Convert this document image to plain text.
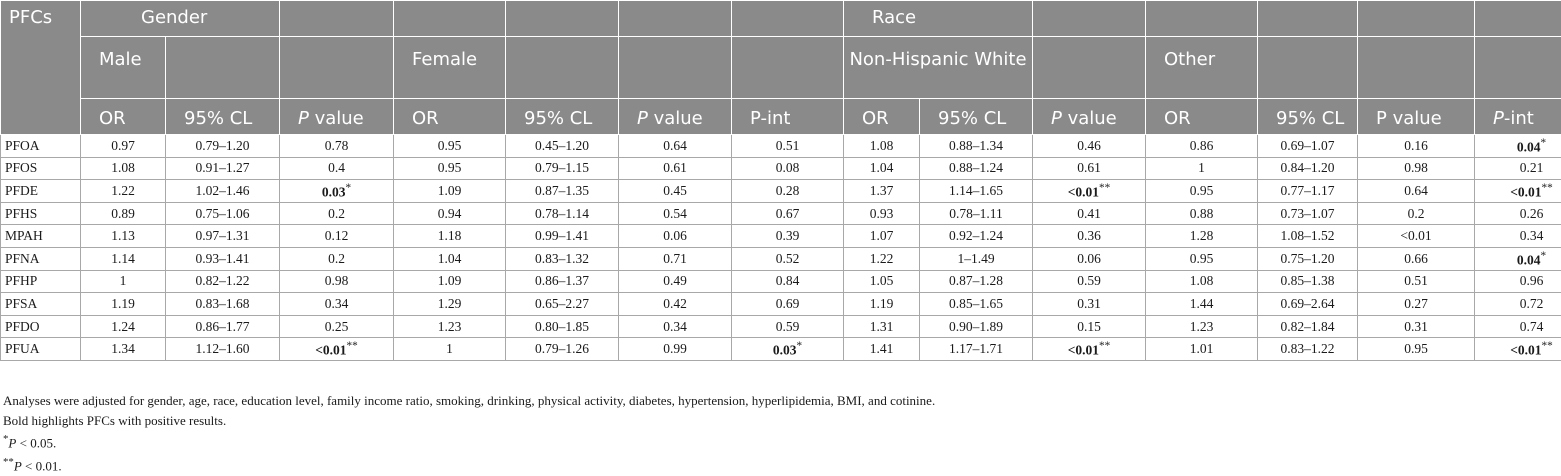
PFCs	Gender							Race							
	Male			Female				Non-Hispanic White			Other				
	OR	95% CL	P value	OR	95% CL	P value	P-int	OR	95% CL	P value	OR	95% CL	P value	P-int	
PFOA	0.97	0.79–1.20	0.78	0.95	0.45–1.20	0.64	0.51	1.08	0.88–1.34	0.46	0.86	0.69–1.07	0.16	0.04*
PFOS	1.08	0.91–1.27	0.4	0.95	0.79–1.15	0.61	0.08	1.04	0.88–1.24	0.61	1	0.84–1.20	0.98	0.21	
PFDE	1.22	1.02–1.46	0.03*	1.09	0.87–1.35	0.45	0.28	1.37	1.14–1.65	<0.01**	0.95	0.77–1.17	0.64	<0.01**
PFHS	0.89	0.75–1.06	0.2	0.94	0.78–1.14	0.54	0.67	0.93	0.78–1.11	0.41	0.88	0.73–1.07	0.2	0.26	
MPAH	1.13	0.97–1.31	0.12	1.18	0.99–1.41	0.06	0.39	1.07	0.92–1.24	0.36	1.28	1.08–1.52	<0.01	0.34	
PFNA	1.14	0.93–1.41	0.2	1.04	0.83–1.32	0.71	0.52	1.22	1–1.49	0.06	0.95	0.75–1.20	0.66	0.04*
PFHP	1	0.82–1.22	0.98	1.09	0.86–1.37	0.49	0.84	1.05	0.87–1.28	0.59	1.08	0.85–1.38	0.51	0.96	
PFSA	1.19	0.83–1.68	0.34	1.29	0.65–2.27	0.42	0.69	1.19	0.85–1.65	0.31	1.44	0.69–2.64	0.27	0.72	
PFDO	1.24	0.86–1.77	0.25	1.23	0.80–1.85	0.34	0.59	1.31	0.90–1.89	0.15	1.23	0.82–1.84	0.31	0.74	
PFUA	1.34	1.12–1.60	<0.01**	1	0.79–1.26	0.99	0.03*	1.41	1.17–1.71	<0.01**	1.01	0.83–1.22	0.95	<0.01**
Analyses were adjusted for gender, age, race, education level, family income ratio, smoking, drinking, physical activity, diabetes, hypertension, hyperlipidemia, BMI, and cotinine.
Bold highlights PFCs with positive results.
*P < 0.05.
**P < 0.01.
